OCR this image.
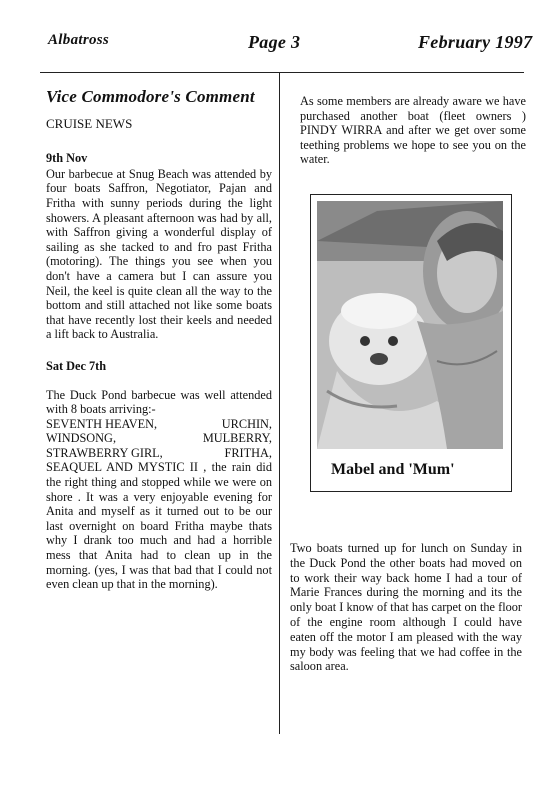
Albatross	Page 3	February 1997

Vice Commodore's Comment

CRUISE NEWS

9th Nov

Our barbecue at Snug Beach was attended by four boats Saffron, Negotiator, Pajan and Fritha with sunny periods during the light showers. A pleasant afternoon was had by all, with Saffron giving a wonderful display of sailing as she tacked to and fro past Fritha (motoring). The things you see when you don't have a camera but I can assure you Neil, the keel is quite clean all the way to the bottom and still attached not like some boats that have recently lost their keels and needed a lift back to Australia.

Sat Dec 7th

The Duck Pond barbecue was well attended with 8 boats arriving:-

SEVENTH HEAVEN,	URCHIN,
WINDSONG,	MULBERRY,
STRAWBERRY GIRL,	FRITHA,

SEAQUEL AND MYSTIC II , the rain did the right thing and stopped while we were on shore . It was a very enjoyable evening for Anita and myself as it turned out to be our last overnight on board Fritha maybe thats why I drank too much and had a horrible mess that Anita had to clean up in the morning. (yes, I was that bad that I could not even clean up that in the morning).

As some members are already aware we have purchased another boat (fleet owners ) PINDY WIRRA and after we get over some teething problems we hope to see you on the water.

Mabel and 'Mum'

Two boats turned up for lunch on Sunday in the Duck Pond the other boats had moved on to work their way back home I had a tour of Marie Frances during the morning and its the only boat I know of that has carpet on the floor of the engine room although I could have eaten off the motor I am pleased with the way my body was feeling that we had coffee in the saloon area.
